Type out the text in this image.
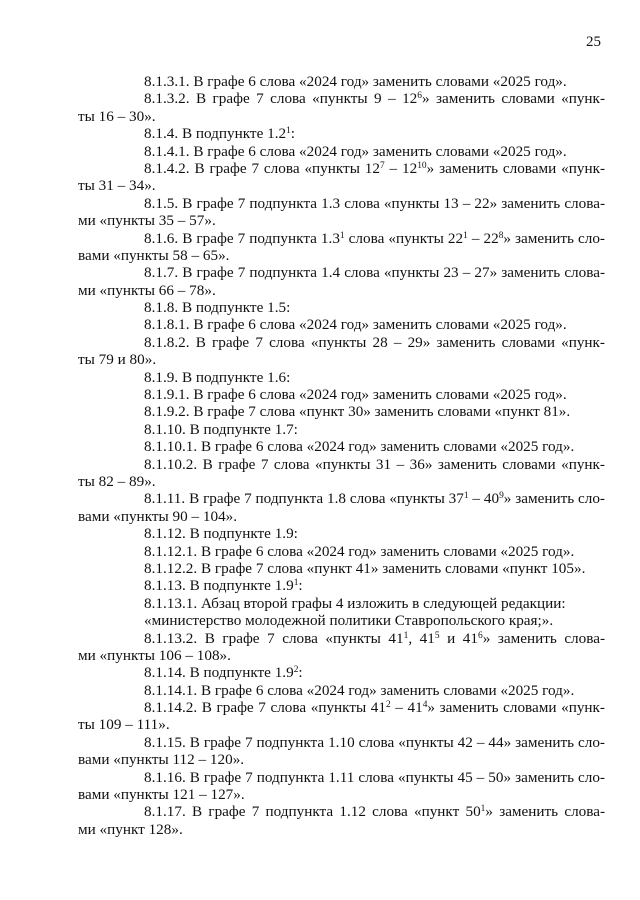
25
8.1.3.1. В графе 6 слова «2024 год» заменить словами «2025 год».
8.1.3.2. В графе 7 слова «пункты $9 - 12^6$» заменить словами «пунк-
ты 16 – 30».
8.1.4. В подпункте $1.2^1$:
8.1.4.1. В графе 6 слова «2024 год» заменить словами «2025 год».
8.1.4.2. В графе 7 слова «пункты $12^7 - 12^{10}$» заменить словами «пунк-
ты 31 – 34».
8.1.5. В графе 7 подпункта 1.3 слова «пункты 13 – 22» заменить слова-
ми «пункты 35 – 57».
8.1.6. В графе 7 подпункта $1.3^1$ слова «пункты $22^1 - 22^8$» заменить сло-
вами «пункты 58 – 65».
8.1.7. В графе 7 подпункта 1.4 слова «пункты 23 – 27» заменить слова-
ми «пункты 66 – 78».
8.1.8. В подпункте 1.5:
8.1.8.1. В графе 6 слова «2024 год» заменить словами «2025 год».
8.1.8.2. В графе 7 слова «пункты 28 – 29» заменить словами «пунк-
ты 79 и 80».
8.1.9. В подпункте 1.6:
8.1.9.1. В графе 6 слова «2024 год» заменить словами «2025 год».
8.1.9.2. В графе 7 слова «пункт 30» заменить словами «пункт 81».
8.1.10. В подпункте 1.7:
8.1.10.1. В графе 6 слова «2024 год» заменить словами «2025 год».
8.1.10.2. В графе 7 слова «пункты 31 – 36» заменить словами «пунк-
ты 82 – 89».
8.1.11. В графе 7 подпункта 1.8 слова «пункты $37^1 - 40^9$» заменить сло-
вами «пункты 90 – 104».
8.1.12. В подпункте 1.9:
8.1.12.1. В графе 6 слова «2024 год» заменить словами «2025 год».
8.1.12.2. В графе 7 слова «пункт 41» заменить словами «пункт 105».
8.1.13. В подпункте $1.9^1$:
8.1.13.1. Абзац второй графы 4 изложить в следующей редакции:
«министерство молодежной политики Ставропольского края;».
8.1.13.2. В графе 7 слова «пункты $41^1$, $41^5$ и $41^6$» заменить слова-
ми «пункты 106 – 108».
8.1.14. В подпункте $1.9^2$:
8.1.14.1. В графе 6 слова «2024 год» заменить словами «2025 год».
8.1.14.2. В графе 7 слова «пункты $41^2 - 41^4$» заменить словами «пунк-
ты 109 – 111».
8.1.15. В графе 7 подпункта 1.10 слова «пункты 42 – 44» заменить сло-
вами «пункты 112 – 120».
8.1.16. В графе 7 подпункта 1.11 слова «пункты 45 – 50» заменить сло-
вами «пункты 121 – 127».
8.1.17. В графе 7 подпункта 1.12 слова «пункт $50^1$» заменить слова-
ми «пункт 128».
